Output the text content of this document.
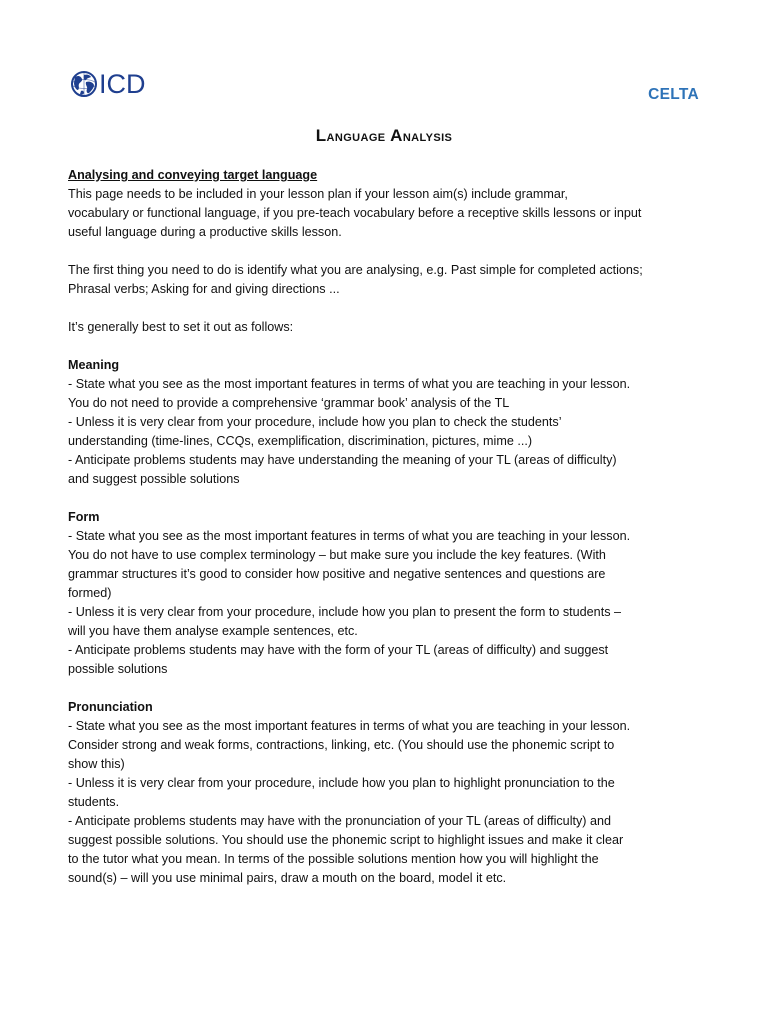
ICD	CELTA
Language Analysis

Analysing and conveying target language

This page needs to be included in your lesson plan if your lesson aim(s) include grammar,

vocabulary or functional language, if you pre-teach vocabulary before a receptive skills lessons or input

useful language during a productive skills lesson.

The first thing you need to do is identify what you are analysing, e.g. Past simple for completed actions;

Phrasal verbs; Asking for and giving directions ...

It’s generally best to set it out as follows:

Meaning

- State what you see as the most important features in terms of what you are teaching in your lesson.

You do not need to provide a comprehensive ‘grammar book’ analysis of the TL

- Unless it is very clear from your procedure, include how you plan to check the students’

understanding (time-lines, CCQs, exemplification, discrimination, pictures, mime ...)

- Anticipate problems students may have understanding the meaning of your TL (areas of difficulty)

and suggest possible solutions

Form

- State what you see as the most important features in terms of what you are teaching in your lesson.

You do not have to use complex terminology – but make sure you include the key features. (With

grammar structures it’s good to consider how positive and negative sentences and questions are

formed)

- Unless it is very clear from your procedure, include how you plan to present the form to students –

will you have them analyse example sentences, etc.

- Anticipate problems students may have with the form of your TL (areas of difficulty) and suggest

possible solutions

Pronunciation

- State what you see as the most important features in terms of what you are teaching in your lesson.

Consider strong and weak forms, contractions, linking, etc. (You should use the phonemic script to

show this)

- Unless it is very clear from your procedure, include how you plan to highlight pronunciation to the

students.

- Anticipate problems students may have with the pronunciation of your TL (areas of difficulty) and

suggest possible solutions. You should use the phonemic script to highlight issues and make it clear

to the tutor what you mean. In terms of the possible solutions mention how you will highlight the

sound(s) – will you use minimal pairs, draw a mouth on the board, model it etc.
